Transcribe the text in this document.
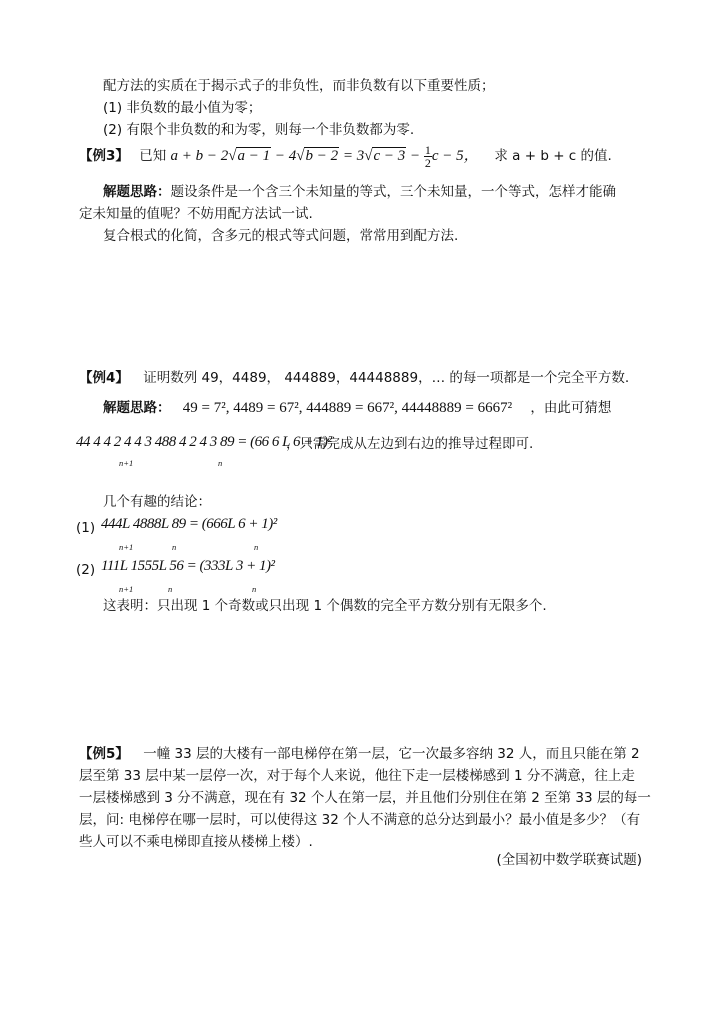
配方法的实质在于揭示式子的非负性，而非负数有以下重要性质；
(1) 非负数的最小值为零；
(2) 有限个非负数的和为零，则每一个非负数都为零.
【例3】 已知 $a + b - 2√a - 1 - 4√b - 2 = 3√c - 3 - \frac{1}{2}$ c − 5， 求 a + b + c 的值.
解题思路：题设条件是一个含三个未知量的等式，三个未知量，一个等式，怎样才能确
定未知量的值呢？不妨用配方法试一试.
复合根式的化简，含多元的根式等式问题，常常用到配方法.
【例4】 证明数列 49，4489， 444889，44448889，… 的每一项都是一个完全平方数.
解题思路： 49 = 7², 4489 = 67², 444889 = 667², 44448889 = 6667² ，由此可猜想
44 4 4 2 4 4 3 488 4 2 4 3 89 = (66 6 L 6 + 1)²
n+1	n
，只需完成从左边到右边的推导过程即可.
几个有趣的结论：
(1) 444L 4888L 89 = (666L 6 + 1)²
n+1	n	n
(2) 111L 1555L 56 = (333L 3 + 1)²
n+1	n	n
这表明：只出现 1 个奇数或只出现 1 个偶数的完全平方数分别有无限多个.
【例5】 一幢 33 层的大楼有一部电梯停在第一层，它一次最多容纳 32 人，而且只能在第 2
层至第 33 层中某一层停一次，对于每个人来说，他往下走一层楼梯感到 1 分不满意，往上走
一层楼梯感到 3 分不满意，现在有 32 个人在第一层，并且他们分别住在第 2 至第 33 层的每一
层，问: 电梯停在哪一层时，可以使得这 32 个人不满意的总分达到最小？最小值是多少？（有
些人可以不乘电梯即直接从楼梯上楼）.
(全国初中数学联赛试题)
